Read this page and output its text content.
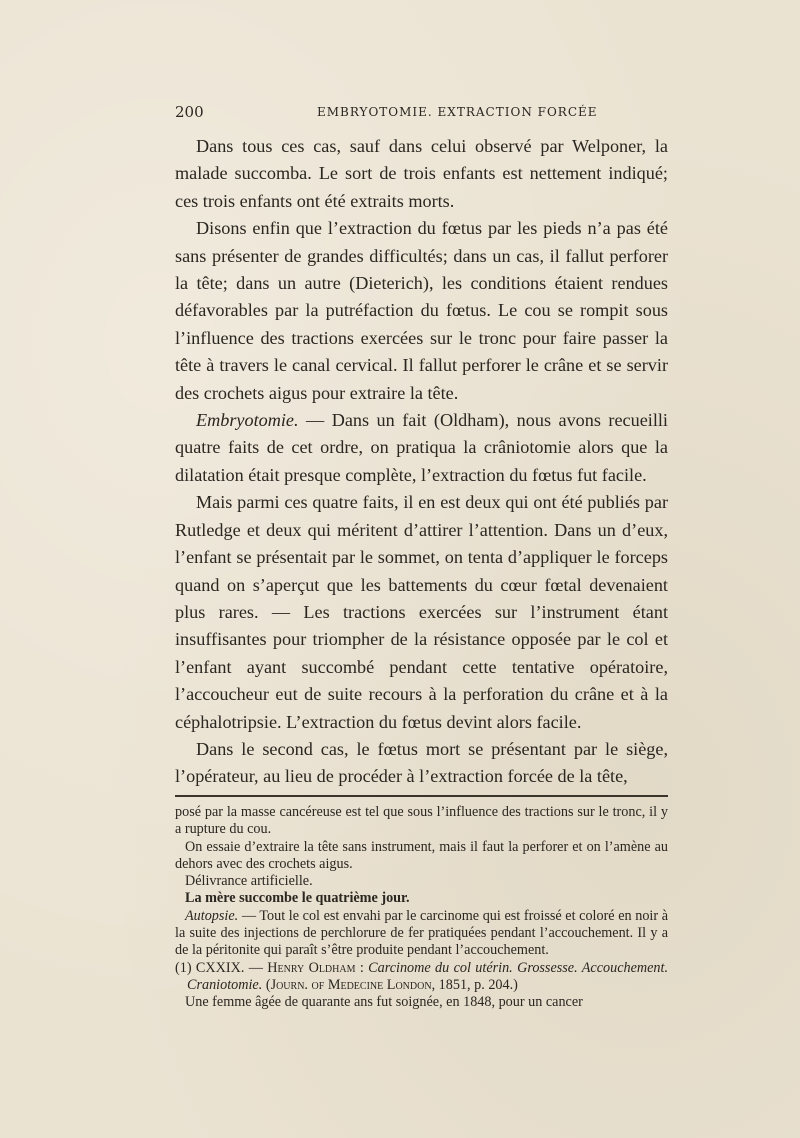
200	EMBRYOTOMIE. EXTRACTION FORCÉE

Dans tous ces cas, sauf dans celui observé par Welponer, la malade succomba. Le sort de trois enfants est nettement indiqué; ces trois enfants ont été extraits morts.

Disons enfin que l’extraction du fœtus par les pieds n’a pas été sans présenter de grandes difficultés; dans un cas, il fallut perforer la tête; dans un autre (Dieterich), les conditions étaient rendues défavorables par la putréfaction du fœtus. Le cou se rompit sous l’influence des tractions exercées sur le tronc pour faire passer la tête à travers le canal cervical. Il fallut perforer le crâne et se servir des crochets aigus pour extraire la tête.

Embryotomie. — Dans un fait (Oldham), nous avons recueilli quatre faits de cet ordre, on pratiqua la crâniotomie alors que la dilatation était presque complète, l’extraction du fœtus fut facile.

Mais parmi ces quatre faits, il en est deux qui ont été publiés par Rutledge et deux qui méritent d’attirer l’attention. Dans un d’eux, l’enfant se présentait par le sommet, on tenta d’appliquer le forceps quand on s’aperçut que les battements du cœur fœtal devenaient plus rares. — Les tractions exercées sur l’instrument étant insuffisantes pour triompher de la résistance opposée par le col et l’enfant ayant succombé pendant cette tentative opératoire, l’accoucheur eut de suite recours à la perforation du crâne et à la céphalotripsie. L’extraction du fœtus devint alors facile.

Dans le second cas, le fœtus mort se présentant par le siège, l’opérateur, au lieu de procéder à l’extraction forcée de la tête,

posé par la masse cancéreuse est tel que sous l’influence des tractions sur le tronc, il y a rupture du cou.

On essaie d’extraire la tête sans instrument, mais il faut la perforer et on l’amène au dehors avec des crochets aigus.

Délivrance artificielle.

La mère succombe le quatrième jour.

Autopsie. — Tout le col est envahi par le carcinome qui est froissé et coloré en noir à la suite des injections de perchlorure de fer pratiquées pendant l’accouchement. Il y a de la péritonite qui paraît s’être produite pendant l’accouchement.

(1) CXXIX. — Henry Oldham : Carcinome du col utérin. Grossesse. Accouchement. Craniotomie. (Journ. of Medecine London, 1851, p. 204.)

Une femme âgée de quarante ans fut soignée, en 1848, pour un cancer
